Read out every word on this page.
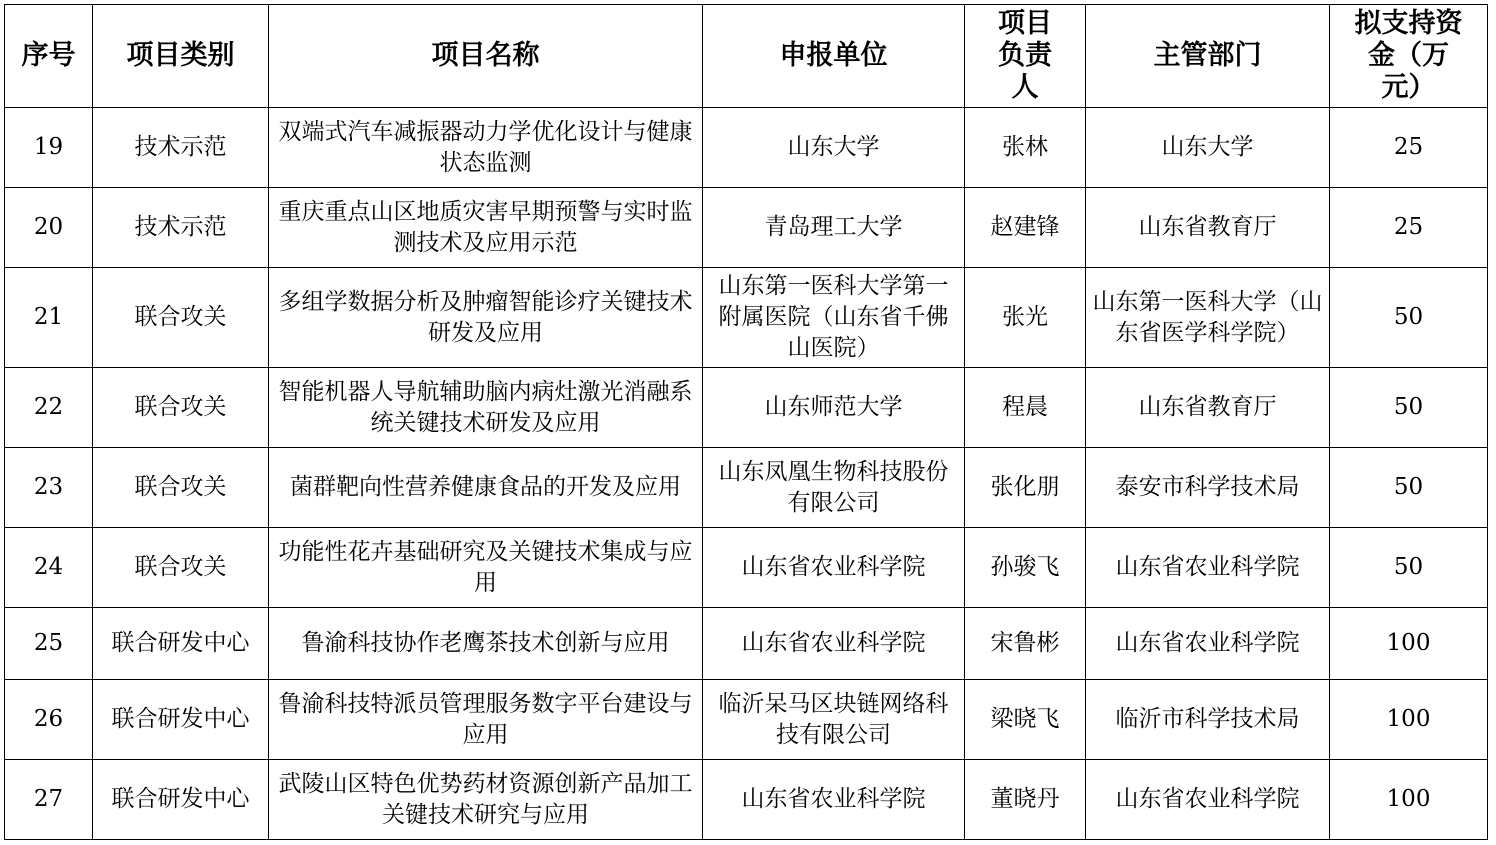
序号	项目类别	项目名称	申报单位	项目负责人	主管部门	拟支持资金（万元）
19	技术示范	双端式汽车减振器动力学优化设计与健康状态监测	山东大学	张林	山东大学	25
20	技术示范	重庆重点山区地质灾害早期预警与实时监测技术及应用示范	青岛理工大学	赵建锋	山东省教育厅	25
21	联合攻关	多组学数据分析及肿瘤智能诊疗关键技术研发及应用	山东第一医科大学第一附属医院（山东省千佛山医院）	张光	山东第一医科大学（山东省医学科学院）	50
22	联合攻关	智能机器人导航辅助脑内病灶激光消融系统关键技术研发及应用	山东师范大学	程晨	山东省教育厅	50
23	联合攻关	菌群靶向性营养健康食品的开发及应用	山东凤凰生物科技股份有限公司	张化朋	泰安市科学技术局	50
24	联合攻关	功能性花卉基础研究及关键技术集成与应用	山东省农业科学院	孙骏飞	山东省农业科学院	50
25	联合研发中心	鲁渝科技协作老鹰茶技术创新与应用	山东省农业科学院	宋鲁彬	山东省农业科学院	100
26	联合研发中心	鲁渝科技特派员管理服务数字平台建设与应用	临沂呆马区块链网络科技有限公司	梁晓飞	临沂市科学技术局	100
27	联合研发中心	武陵山区特色优势药材资源创新产品加工关键技术研究与应用	山东省农业科学院	董晓丹	山东省农业科学院	100
